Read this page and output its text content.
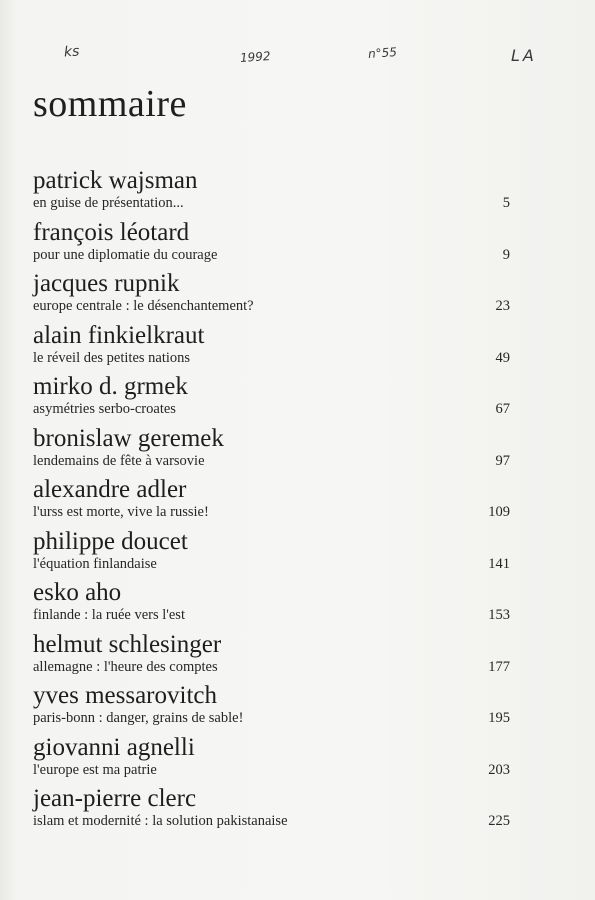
ks	1992	n°55	LA
sommaire
patrick wajsman
en guise de présentation...	5
françois léotard
pour une diplomatie du courage	9
jacques rupnik
europe centrale : le désenchantement?	23
alain finkielkraut
le réveil des petites nations	49
mirko d. grmek
asymétries serbo-croates	67
bronislaw geremek
lendemains de fête à varsovie	97
alexandre adler
l'urss est morte, vive la russie!	109
philippe doucet
l'équation finlandaise	141
esko aho
finlande : la ruée vers l'est	153
helmut schlesinger
allemagne : l'heure des comptes	177
yves messarovitch
paris-bonn : danger, grains de sable!	195
giovanni agnelli
l'europe est ma patrie	203
jean-pierre clerc
islam et modernité : la solution pakistanaise	225
